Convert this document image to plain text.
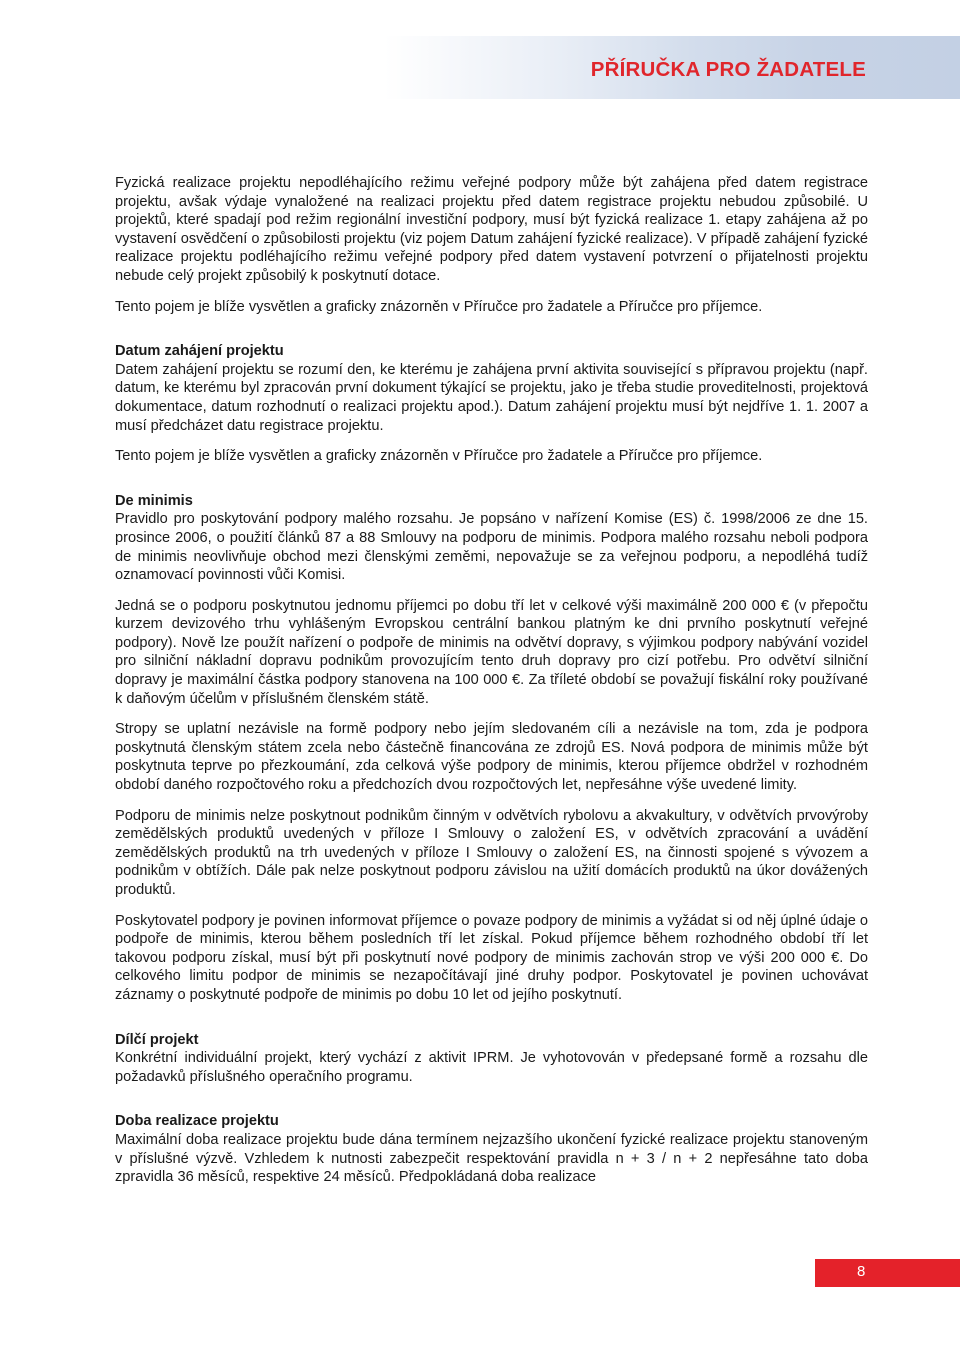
PŘÍRUČKA PRO ŽADATELE

Fyzická realizace projektu nepodléhajícího režimu veřejné podpory může být zahájena před datem registrace projektu, avšak výdaje vynaložené na realizaci projektu před datem registrace projektu nebudou způsobilé. U projektů, které spadají pod režim regionální investiční podpory, musí být fyzická realizace 1. etapy zahájena až po vystavení osvědčení o způsobilosti projektu (viz pojem Datum zahájení fyzické realizace). V případě zahájení fyzické realizace projektu podléhajícího režimu veřejné podpory před datem vystavení potvrzení o přijatelnosti projektu nebude celý projekt způsobilý k poskytnutí dotace.

Tento pojem je blíže vysvětlen a graficky znázorněn v Příručce pro žadatele a Příručce pro příjemce.

Datum zahájení projektu

Datem zahájení projektu se rozumí den, ke kterému je zahájena první aktivita související s přípravou projektu (např. datum, ke kterému byl zpracován první dokument týkající se projektu, jako je třeba studie proveditelnosti, projektová dokumentace, datum rozhodnutí o realizaci projektu apod.). Datum zahájení projektu musí být nejdříve 1. 1. 2007 a musí předcházet datu registrace projektu.

Tento pojem je blíže vysvětlen a graficky znázorněn v Příručce pro žadatele a Příručce pro příjemce.

De minimis

Pravidlo pro poskytování podpory malého rozsahu. Je popsáno v nařízení Komise (ES) č. 1998/2006 ze dne 15. prosince 2006, o použití článků 87 a 88 Smlouvy na podporu de minimis. Podpora malého rozsahu neboli podpora de minimis neovlivňuje obchod mezi členskými zeměmi, nepovažuje se za veřejnou podporu, a nepodléhá tudíž oznamovací povinnosti vůči Komisi.

Jedná se o podporu poskytnutou jednomu příjemci po dobu tří let v celkové výši maximálně 200 000 € (v přepočtu kurzem devizového trhu vyhlášeným Evropskou centrální bankou platným ke dni prvního poskytnutí veřejné podpory). Nově lze použít nařízení o podpoře de minimis na odvětví dopravy, s výjimkou podpory nabývání vozidel pro silniční nákladní dopravu podnikům provozujícím tento druh dopravy pro cizí potřebu. Pro odvětví silniční dopravy je maximální částka podpory stanovena na 100 000 €. Za tříleté období se považují fiskální roky používané k daňovým účelům v příslušném členském státě.

Stropy se uplatní nezávisle na formě podpory nebo jejím sledovaném cíli a nezávisle na tom, zda je podpora poskytnutá členským státem zcela nebo částečně financována ze zdrojů ES. Nová podpora de minimis může být poskytnuta teprve po přezkoumání, zda celková výše podpory de minimis, kterou příjemce obdržel v rozhodném období daného rozpočtového roku a předchozích dvou rozpočtových let, nepřesáhne výše uvedené limity.

Podporu de minimis nelze poskytnout podnikům činným v odvětvích rybolovu a akvakultury, v odvětvích prvovýroby zemědělských produktů uvedených v příloze I Smlouvy o založení ES, v odvětvích zpracování a uvádění zemědělských produktů na trh uvedených v příloze I Smlouvy o založení ES, na činnosti spojené s vývozem a podnikům v obtížích. Dále pak nelze poskytnout podporu závislou na užití domácích produktů na úkor dovážených produktů.

Poskytovatel podpory je povinen informovat příjemce o povaze podpory de minimis a vyžádat si od něj úplné údaje o podpoře de minimis, kterou během posledních tří let získal. Pokud příjemce během rozhodného období tří let takovou podporu získal, musí být při poskytnutí nové podpory de minimis zachován strop ve výši 200 000 €. Do celkového limitu podpor de minimis se nezapočítávají jiné druhy podpor. Poskytovatel je povinen uchovávat záznamy o poskytnuté podpoře de minimis po dobu 10 let od jejího poskytnutí.

Dílčí projekt

Konkrétní individuální projekt, který vychází z aktivit IPRM. Je vyhotovován v předepsané formě a rozsahu dle požadavků příslušného operačního programu.

Doba realizace projektu

Maximální doba realizace projektu bude dána termínem nejzazšího ukončení fyzické realizace projektu stanoveným v příslušné výzvě. Vzhledem k nutnosti zabezpečit respektování pravidla n + 3 / n + 2 nepřesáhne tato doba zpravidla 36 měsíců, respektive 24 měsíců. Předpokládaná doba realizace

8
